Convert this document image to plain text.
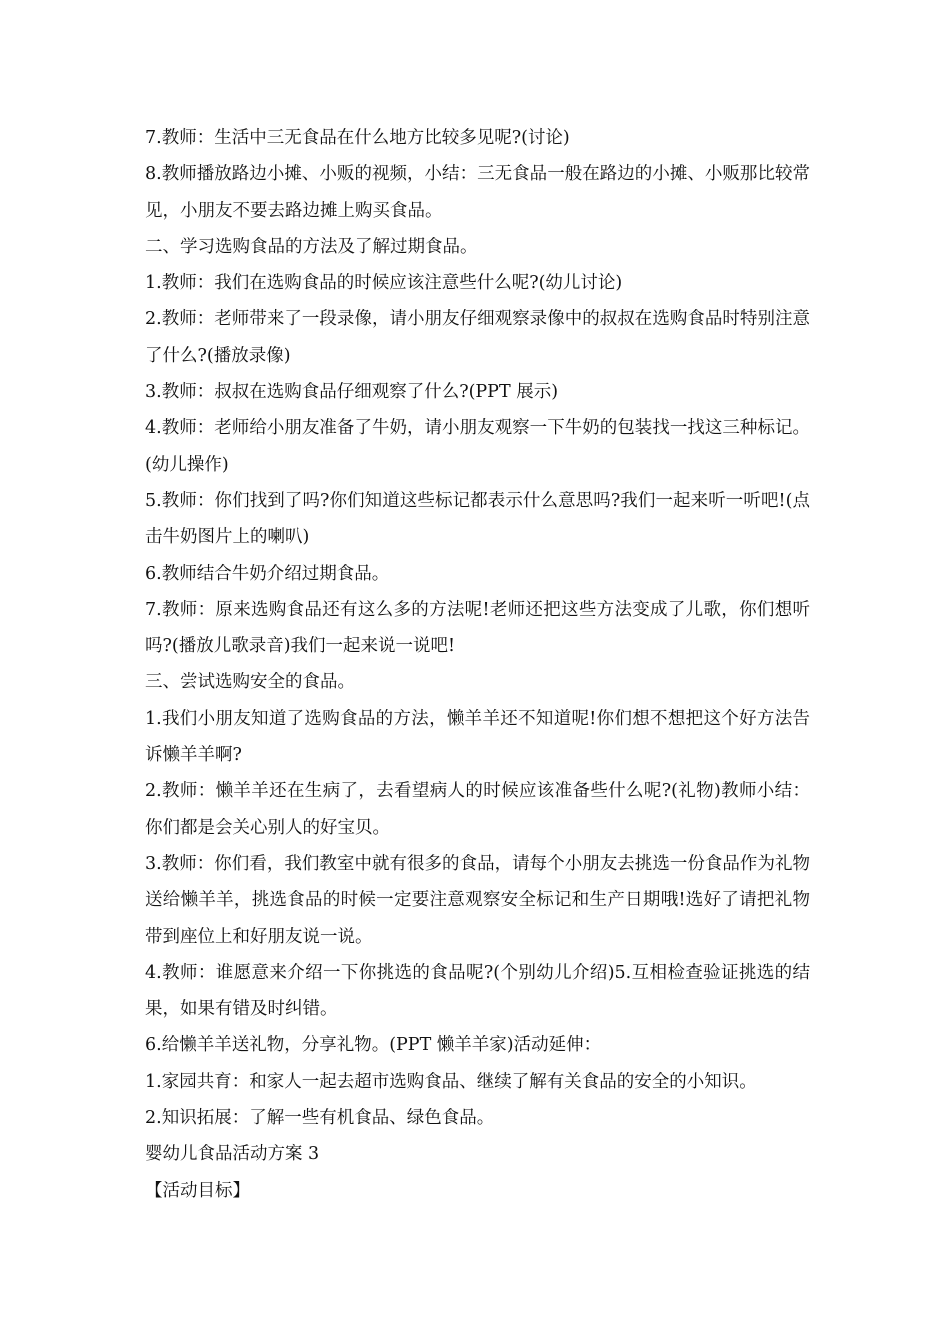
7.教师：生活中三无食品在什么地方比较多见呢?(讨论)

8.教师播放路边小摊、小贩的视频，小结：三无食品一般在路边的小摊、小贩那比较常见，小朋友不要去路边摊上购买食品。

二、学习选购食品的方法及了解过期食品。

1.教师：我们在选购食品的时候应该注意些什么呢?(幼儿讨论)

2.教师：老师带来了一段录像，请小朋友仔细观察录像中的叔叔在选购食品时特别注意了什么?(播放录像)

3.教师：叔叔在选购食品仔细观察了什么?(PPT 展示)

4.教师：老师给小朋友准备了牛奶，请小朋友观察一下牛奶的包装找一找这三种标记。(幼儿操作)

5.教师：你们找到了吗?你们知道这些标记都表示什么意思吗?我们一起来听一听吧!(点击牛奶图片上的喇叭)

6.教师结合牛奶介绍过期食品。

7.教师：原来选购食品还有这么多的方法呢!老师还把这些方法变成了儿歌，你们想听吗?(播放儿歌录音)我们一起来说一说吧!

三、尝试选购安全的食品。

1.我们小朋友知道了选购食品的方法，懒羊羊还不知道呢!你们想不想把这个好方法告诉懒羊羊啊?

2.教师：懒羊羊还在生病了，去看望病人的时候应该准备些什么呢?(礼物)教师小结：你们都是会关心别人的好宝贝。

3.教师：你们看，我们教室中就有很多的食品，请每个小朋友去挑选一份食品作为礼物送给懒羊羊，挑选食品的时候一定要注意观察安全标记和生产日期哦!选好了请把礼物带到座位上和好朋友说一说。

4.教师：谁愿意来介绍一下你挑选的食品呢?(个别幼儿介绍)5.互相检查验证挑选的结果，如果有错及时纠错。

6.给懒羊羊送礼物，分享礼物。(PPT 懒羊羊家)活动延伸：

1.家园共育：和家人一起去超市选购食品、继续了解有关食品的安全的小知识。

2.知识拓展：了解一些有机食品、绿色食品。

婴幼儿食品活动方案 3

【活动目标】
